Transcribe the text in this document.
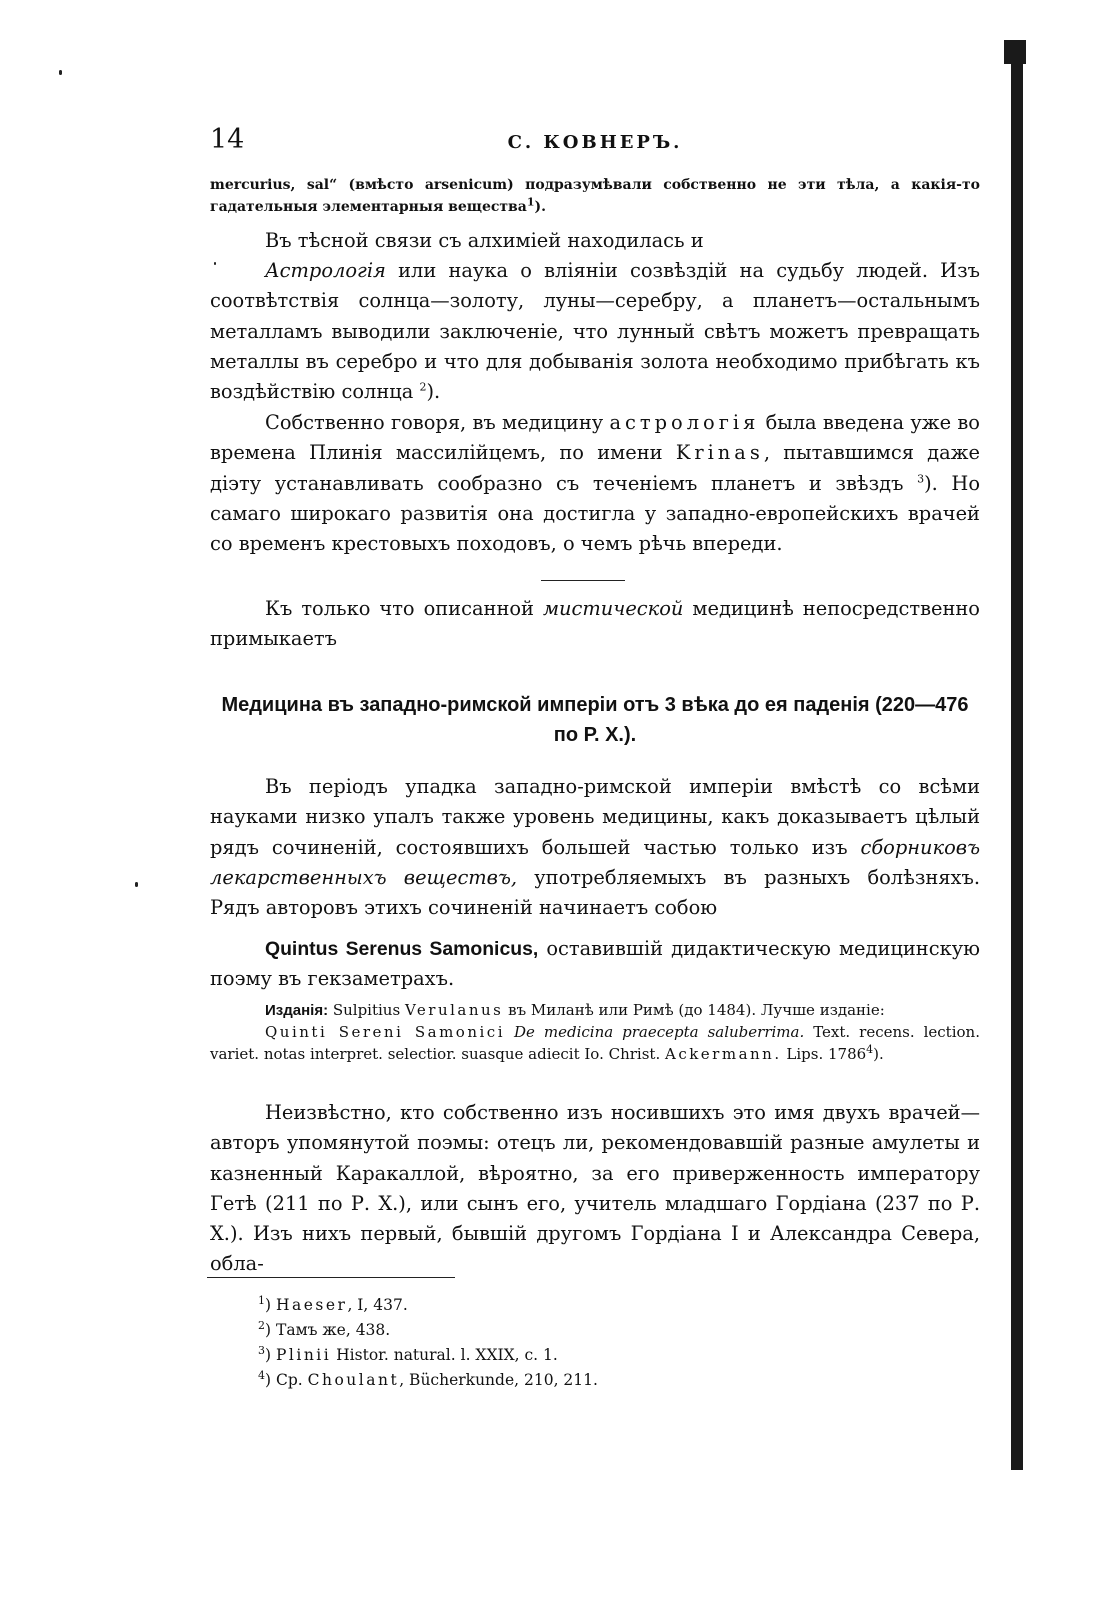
14	С. КОВНЕРЪ.

mercurius, sal“ (вмѣсто arsenicum) подразумѣвали собственно не эти тѣла, а какія-то гадательныя элементарныя вещества$^1$).

Въ тѣсной связи съ алхиміей находилась и

Астрологія или наука о вліяніи созвѣздій на судьбу людей. Изъ соотвѣтствія солнца—золоту, луны—серебру, а планетъ—остальнымъ металламъ выводили заключеніе, что лунный свѣтъ можетъ превращать металлы въ серебро и что для добыванія золота необходимо прибѣгать къ воздѣйствію солнца $^2$).

Собственно говоря, въ медицину астрологія была введена уже во времена Плинія массилійцемъ, по имени Krinas, пытавшимся даже діэту устанавливать сообразно съ теченіемъ планетъ и звѣздъ $^3$). Но самаго широкаго развитія она достигла у западно-европейскихъ врачей со временъ крестовыхъ походовъ, о чемъ рѣчь впереди.

Къ только что описанной мистической медицинѣ непосредственно примыкаетъ

Медицина въ западно-римской имперіи отъ 3 вѣка до ея паденія (220—476 по Р. Х.).

Въ періодъ упадка западно-римской имперіи вмѣстѣ со всѣми науками низко упалъ также уровень медицины, какъ доказываетъ цѣлый рядъ сочиненій, состоявшихъ большей частью только изъ сборниковъ лекарственныхъ веществъ, употребляемыхъ въ разныхъ болѣзняхъ. Рядъ авторовъ этихъ сочиненій начинаетъ собою

Quintus Serenus Samonicus, оставившій дидактическую медицинскую поэму въ гекзаметрахъ.

Изданія: Sulpitius Verulanus въ Миланѣ или Римѣ (до 1484). Лучше изданіе:

Quinti Sereni Samonici De medicina praecepta saluberrima. Text. recens. lection. variet. notas interpret. selectior. suasque adiecit Io. Christ. Ackermann. Lips. 1786$^4$).

Неизвѣстно, кто собственно изъ носившихъ это имя двухъ врачей—авторъ упомянутой поэмы: отецъ ли, рекомендовавшій разные амулеты и казненный Каракаллой, вѣроятно, за его приверженность императору Гетѣ (211 по Р. Х.), или сынъ его, учитель младшаго Гордіана (237 по Р. Х.). Изъ нихъ первый, бывшій другомъ Гордіана I и Александра Севера, обла-

$^1$) Haeser, I, 437.
$^2$) Тамъ же, 438.
$^3$) Plinii Histor. natural. l. XXIX, c. 1.
$^4$) Cp. Choulant, Bücherkunde, 210, 211.
